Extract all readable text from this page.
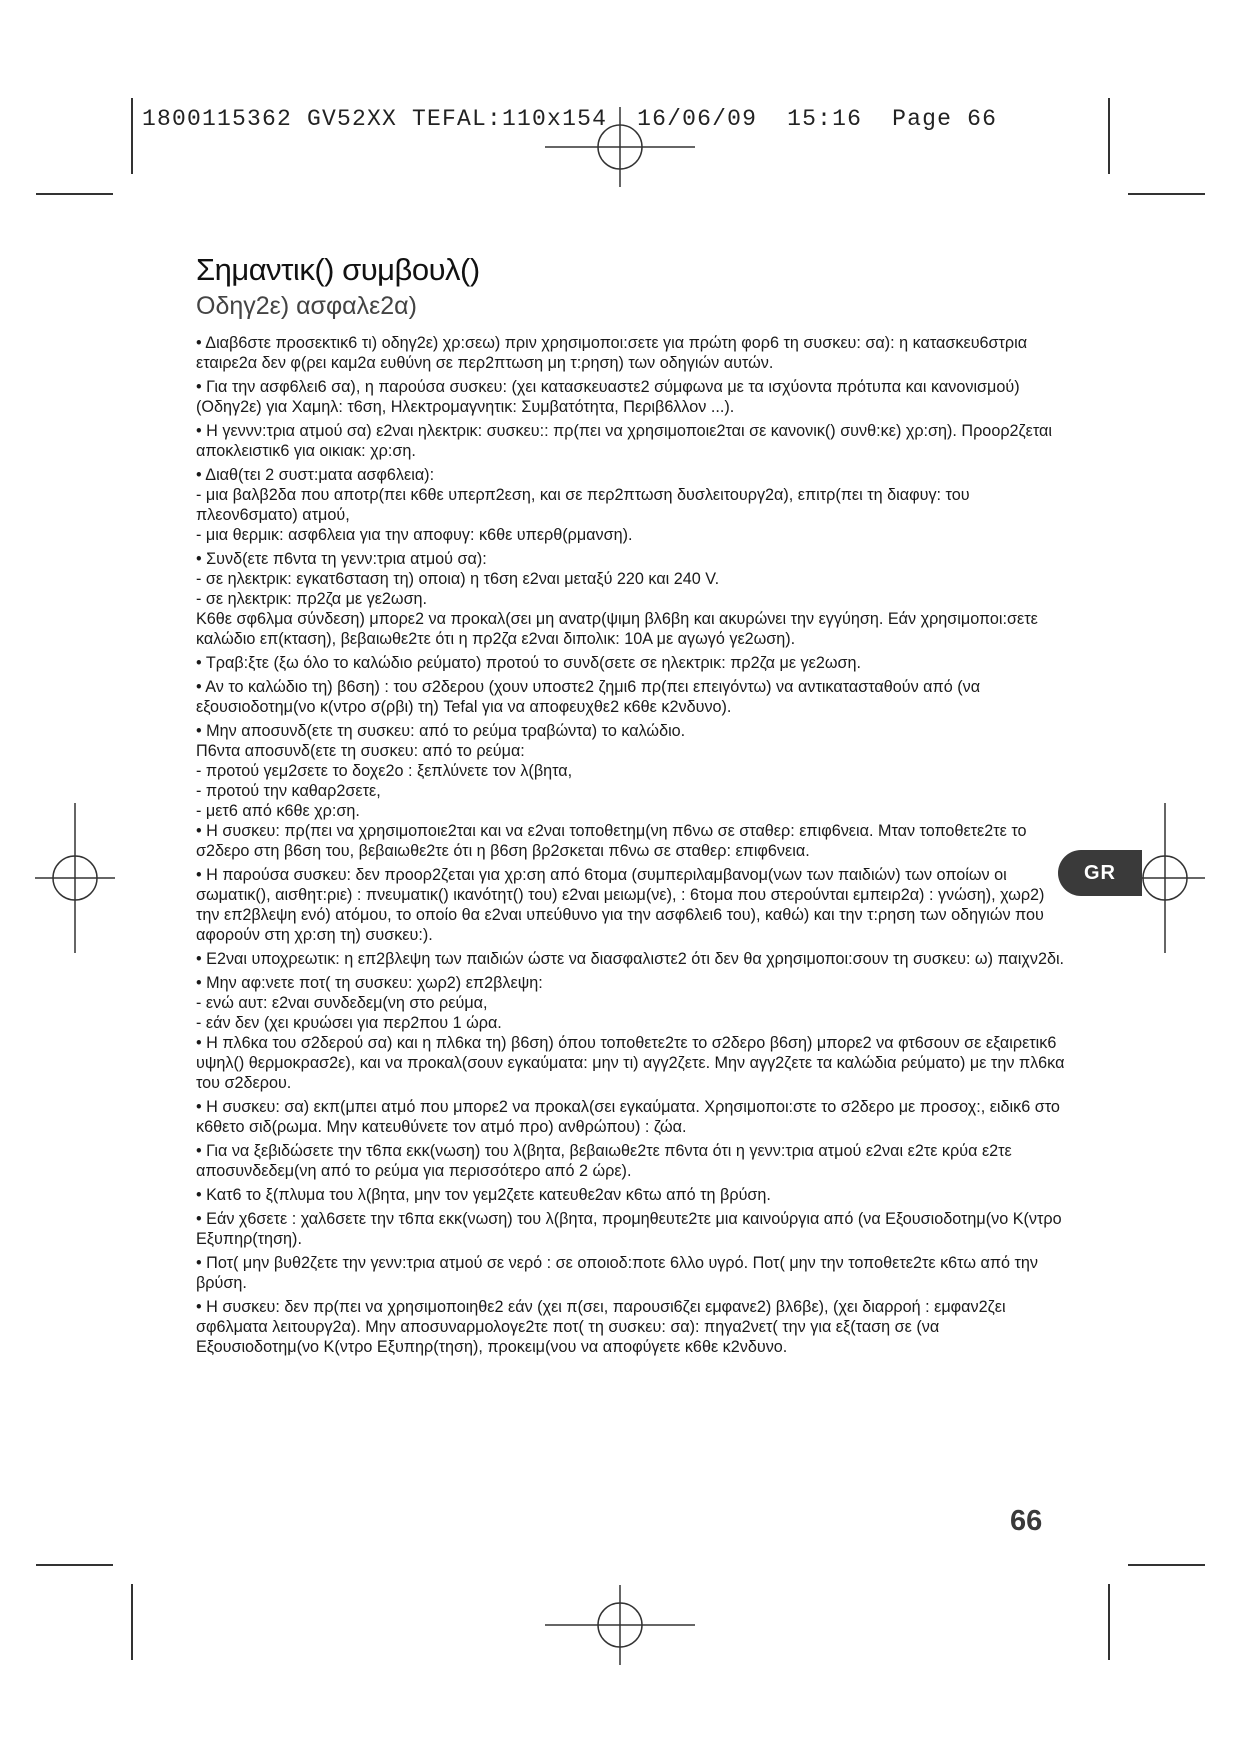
1800115362 GV52XX TEFAL:110x154  16/06/09  15:16  Page 66
Σημαντικ() συμβουλ()
Οδηγ2ε) ασφαλε2α)

• Διαβ6στε προσεκτικ6 τι) οδηγ2ε) χρ:σεω) πριν χρησιμοποι:σετε για πρώτη φορ6 τη συσκευ: σα): η κατασκευ6στρια εταιρε2α δεν φ(ρει καμ2α ευθύνη σε περ2πτωση μη τ:ρηση) των οδηγιών αυτών.

• Για την ασφ6λει6 σα), η παρούσα συσκευ: (χει κατασκευαστε2 σύμφωνα με τα ισχύοντα πρότυπα και κανονισμού) (Οδηγ2ε) για Χαμηλ: τ6ση, Ηλεκτρομαγνητικ: Συμβατότητα, Περιβ6λλον ...).

• Η γεννν:τρια ατμού σα) ε2ναι ηλεκτρικ: συσκευ:: πρ(πει να χρησιμοποιε2ται σε κανονικ() συνθ:κε) χρ:ση). Προορ2ζεται αποκλειστικ6 για οικιακ: χρ:ση.

• Διαθ(τει 2 συστ:ματα ασφ6λεια):

- μια βαλβ2δα που αποτρ(πει κ6θε υπερπ2εση, και σε περ2πτωση δυσλειτουργ2α), επιτρ(πει τη διαφυγ: του πλεον6σματο) ατμού,

- μια θερμικ: ασφ6λεια για την αποφυγ: κ6θε υπερθ(ρμανση).

• Συνδ(ετε π6ντα τη γενν:τρια ατμού σα):

- σε ηλεκτρικ: εγκατ6σταση τη) οποια) η τ6ση ε2ναι μεταξύ 220 και 240 V.

- σε ηλεκτρικ: πρ2ζα με γε2ωση.

Κ6θε σφ6λμα σύνδεση) μπορε2 να προκαλ(σει μη ανατρ(ψιμη βλ6βη και ακυρώνει την εγγύηση. Εάν χρησιμοποι:σετε καλώδιο επ(κταση), βεβαιωθε2τε ότι η πρ2ζα ε2ναι διπολικ: 10A με αγωγό γε2ωση).

• Τραβ:ξτε (ξω όλο το καλώδιο ρεύματο) προτού το συνδ(σετε σε ηλεκτρικ: πρ2ζα με γε2ωση.

• Αν το καλώδιο τη) β6ση) : του σ2δερου (χουν υποστε2 ζημι6 πρ(πει επειγόντω) να αντικατασταθούν από (να εξουσιοδοτημ(νο κ(ντρο σ(ρβι) τη) Tefal για να αποφευχθε2 κ6θε κ2νδυνο).

• Μην αποσυνδ(ετε τη συσκευ: από το ρεύμα τραβώντα) το καλώδιο.

Π6ντα αποσυνδ(ετε τη συσκευ: από το ρεύμα:

- προτού γεμ2σετε το δοχε2ο : ξεπλύνετε τον λ(βητα,

- προτού την καθαρ2σετε,

- μετ6 από κ6θε χρ:ση.

• Η συσκευ: πρ(πει να χρησιμοποιε2ται και να ε2ναι τοποθετημ(νη π6νω σε σταθερ: επιφ6νεια. Μταν τοποθετε2τε το σ2δερο στη β6ση του, βεβαιωθε2τε ότι η β6ση βρ2σκεται π6νω σε σταθερ: επιφ6νεια.

• Η παρούσα συσκευ: δεν προορ2ζεται για χρ:ση από 6τομα (συμπεριλαμβανομ(νων των παιδιών) των οποίων οι σωματικ(), αισθητ:ριε) : πνευματικ() ικανότητ() του) ε2ναι μειωμ(νε), : 6τομα που στερούνται εμπειρ2α) : γνώση), χωρ2) την επ2βλεψη ενό) ατόμου, το οποίο θα ε2ναι υπεύθυνο για την ασφ6λει6 του), καθώ) και την τ:ρηση των οδηγιών που αφορούν στη χρ:ση τη) συσκευ:).

• Ε2ναι υποχρεωτικ: η επ2βλεψη των παιδιών ώστε να διασφαλιστε2 ότι δεν θα χρησιμοποι:σουν τη συσκευ: ω) παιχν2δι.

• Μην αφ:νετε ποτ( τη συσκευ: χωρ2) επ2βλεψη:

- ενώ αυτ: ε2ναι συνδεδεμ(νη στο ρεύμα,

- εάν δεν (χει κρυώσει για περ2που 1 ώρα.

• Η πλ6κα του σ2δερού σα) και η πλ6κα τη) β6ση) όπου τοποθετε2τε το σ2δερο β6ση) μπορε2 να φτ6σουν σε εξαιρετικ6 υψηλ() θερμοκρασ2ε), και να προκαλ(σουν εγκαύματα: μην τι) αγγ2ζετε. Μην αγγ2ζετε τα καλώδια ρεύματο) με την πλ6κα του σ2δερου.

• Η συσκευ: σα) εκπ(μπει ατμό που μπορε2 να προκαλ(σει εγκαύματα. Χρησιμοποι:στε το σ2δερο με προσοχ:, ειδικ6 στο κ6θετο σιδ(ρωμα. Μην κατευθύνετε τον ατμό προ) ανθρώπου) : ζώα.

• Για να ξεβιδώσετε την τ6πα εκκ(νωση) του λ(βητα, βεβαιωθε2τε π6ντα ότι η γενν:τρια ατμού ε2ναι ε2τε κρύα ε2τε αποσυνδεδεμ(νη από το ρεύμα για περισσότερο από 2 ώρε).

• Κατ6 το ξ(πλυμα του λ(βητα, μην τον γεμ2ζετε κατευθε2αν κ6τω από τη βρύση.

• Εάν χ6σετε : χαλ6σετε την τ6πα εκκ(νωση) του λ(βητα, προμηθευτε2τε μια καινούργια από (να Εξουσιοδοτημ(νο Κ(ντρο Εξυπηρ(τηση).

• Ποτ( μην βυθ2ζετε την γενν:τρια ατμού σε νερό : σε οποιοδ:ποτε 6λλο υγρό. Ποτ( μην την τοποθετε2τε κ6τω από την βρύση.

• Η συσκευ: δεν πρ(πει να χρησιμοποιηθε2 εάν (χει π(σει, παρουσι6ζει εμφανε2) βλ6βε), (χει διαρροή : εμφαν2ζει σφ6λματα λειτουργ2α). Μην αποσυναρμολογε2τε ποτ( τη συσκευ: σα): πηγα2νετ( την για εξ(ταση σε (να Εξουσιοδοτημ(νο Κ(ντρο Εξυπηρ(τηση), προκειμ(νου να αποφύγετε κ6θε κ2νδυνο.

GR
66
